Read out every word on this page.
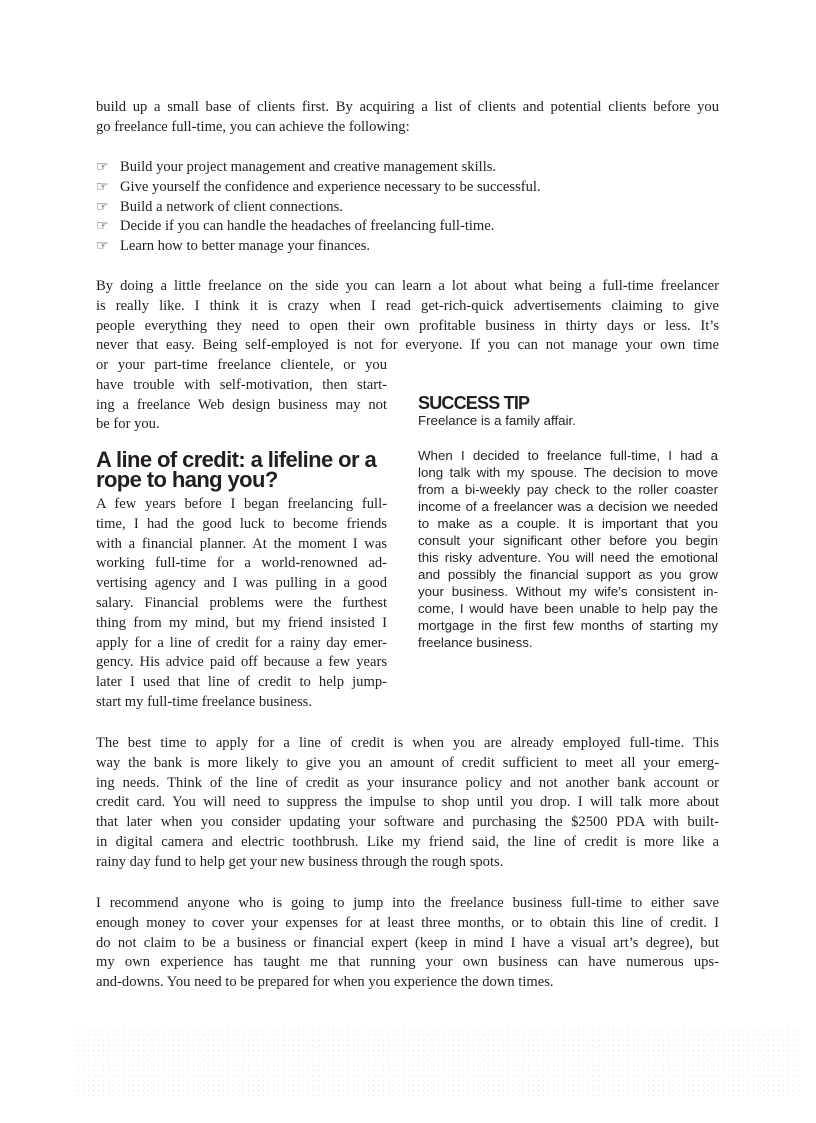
build up a small base of clients first. By acquiring a list of clients and potential clients before you
go freelance full-time, you can achieve the following:
☞ Build your project management and creative management skills.
☞ Give yourself the confidence and experience necessary to be successful.
☞ Build a network of client connections.
☞ Decide if you can handle the headaches of freelancing full-time.
☞ Learn how to better manage your finances.
By doing a little freelance on the side you can learn a lot about what being a full-time freelancer
is really like. I think it is crazy when I read get-rich-quick advertisements claiming to give
people everything they need to open their own profitable business in thirty days or less. It’s
never that easy. Being self-employed is not for everyone. If you can not manage your own time
or your part-time freelance clientele, or you
have trouble with self-motivation, then start-
ing a freelance Web design business may not
be for you.
A line of credit: a lifeline or a rope to hang you?
A few years before I began freelancing full-
time, I had the good luck to become friends
with a financial planner. At the moment I was
working full-time for a world-renowned ad-
vertising agency and I was pulling in a good
salary. Financial problems were the furthest
thing from my mind, but my friend insisted I
apply for a line of credit for a rainy day emer-
gency. His advice paid off because a few years
later I used that line of credit to help jump-
start my full-time freelance business.
SUCCESS TIP
Freelance is a family affair.
When I decided to freelance full-time, I had a
long talk with my spouse. The decision to move
from a bi-weekly pay check to the roller coaster
income of a freelancer was a decision we needed
to make as a couple. It is important that you
consult your significant other before you begin
this risky adventure. You will need the emotional
and possibly the financial support as you grow
your business. Without my wife’s consistent in-
come, I would have been unable to help pay the
mortgage in the first few months of starting my
freelance business.
The best time to apply for a line of credit is when you are already employed full-time. This
way the bank is more likely to give you an amount of credit sufficient to meet all your emerg-
ing needs. Think of the line of credit as your insurance policy and not another bank account or
credit card. You will need to suppress the impulse to shop until you drop. I will talk more about
that later when you consider updating your software and purchasing the $2500 PDA with built-
in digital camera and electric toothbrush. Like my friend said, the line of credit is more like a
rainy day fund to help get your new business through the rough spots.
I recommend anyone who is going to jump into the freelance business full-time to either save
enough money to cover your expenses for at least three months, or to obtain this line of credit. I
do not claim to be a business or financial expert (keep in mind I have a visual art’s degree), but
my own experience has taught me that running your own business can have numerous ups-
and-downs. You need to be prepared for when you experience the down times.
